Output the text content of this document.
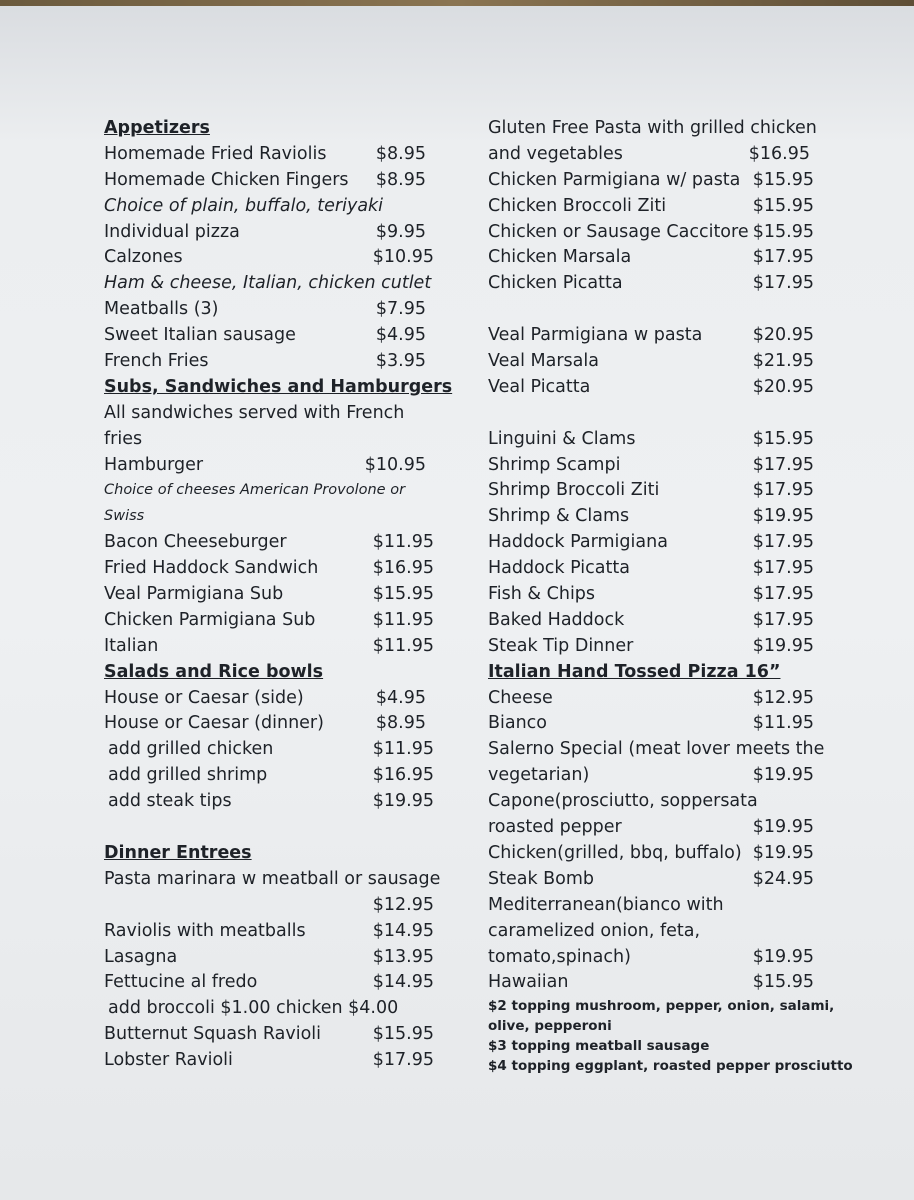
Appetizers
Homemade Fried Raviolis	$8.95
Homemade Chicken Fingers $8.95
Choice of plain, buffalo, teriyaki
Individual pizza	$9.95
Calzones	$10.95
Ham & cheese, Italian, chicken cutlet
Meatballs (3)	$7.95
Sweet Italian sausage	$4.95
French Fries	$3.95
Subs, Sandwiches and Hamburgers
All sandwiches served with French
fries
Hamburger	$10.95
Choice of cheeses American Provolone or
Swiss
Bacon Cheeseburger	$11.95
Fried Haddock Sandwich	$16.95
Veal Parmigiana Sub	$15.95
Chicken Parmigiana Sub	$11.95
Italian	$11.95
Salads and Rice bowls
House or Caesar (side)	$4.95
House or Caesar (dinner)	$8.95
add grilled chicken	$11.95
add grilled shrimp	$16.95
add steak tips	$19.95
Dinner Entrees
Pasta marinara w meatball or sausage
$12.95
Raviolis with meatballs	$14.95
Lasagna	$13.95
Fettucine al fredo	$14.95
add broccoli $1.00 chicken $4.00
Butternut Squash Ravioli	$15.95
Lobster Ravioli	$17.95
Gluten Free Pasta with grilled chicken
and vegetables	$16.95
Chicken Parmigiana w/ pasta $15.95
Chicken Broccoli Ziti	$15.95
Chicken or Sausage Caccitore $15.95
Chicken Marsala	$17.95
Chicken Picatta	$17.95
Veal Parmigiana w pasta	$20.95
Veal Marsala	$21.95
Veal Picatta	$20.95
Linguini & Clams	$15.95
Shrimp Scampi	$17.95
Shrimp Broccoli Ziti	$17.95
Shrimp & Clams	$19.95
Haddock Parmigiana	$17.95
Haddock Picatta	$17.95
Fish & Chips	$17.95
Baked Haddock	$17.95
Steak Tip Dinner	$19.95
Italian Hand Tossed Pizza 16”
Cheese	$12.95
Bianco	$11.95
Salerno Special (meat lover meets the
vegetarian)	$19.95
Capone(prosciutto, soppersata
roasted pepper	$19.95
Chicken(grilled, bbq, buffalo) $19.95
Steak Bomb	$24.95
Mediterranean(bianco with
caramelized onion, feta,
tomato,spinach)	$19.95
Hawaiian	$15.95
$2 topping mushroom, pepper, onion, salami,
olive, pepperoni
$3 topping meatball sausage
$4 topping eggplant, roasted pepper prosciutto
